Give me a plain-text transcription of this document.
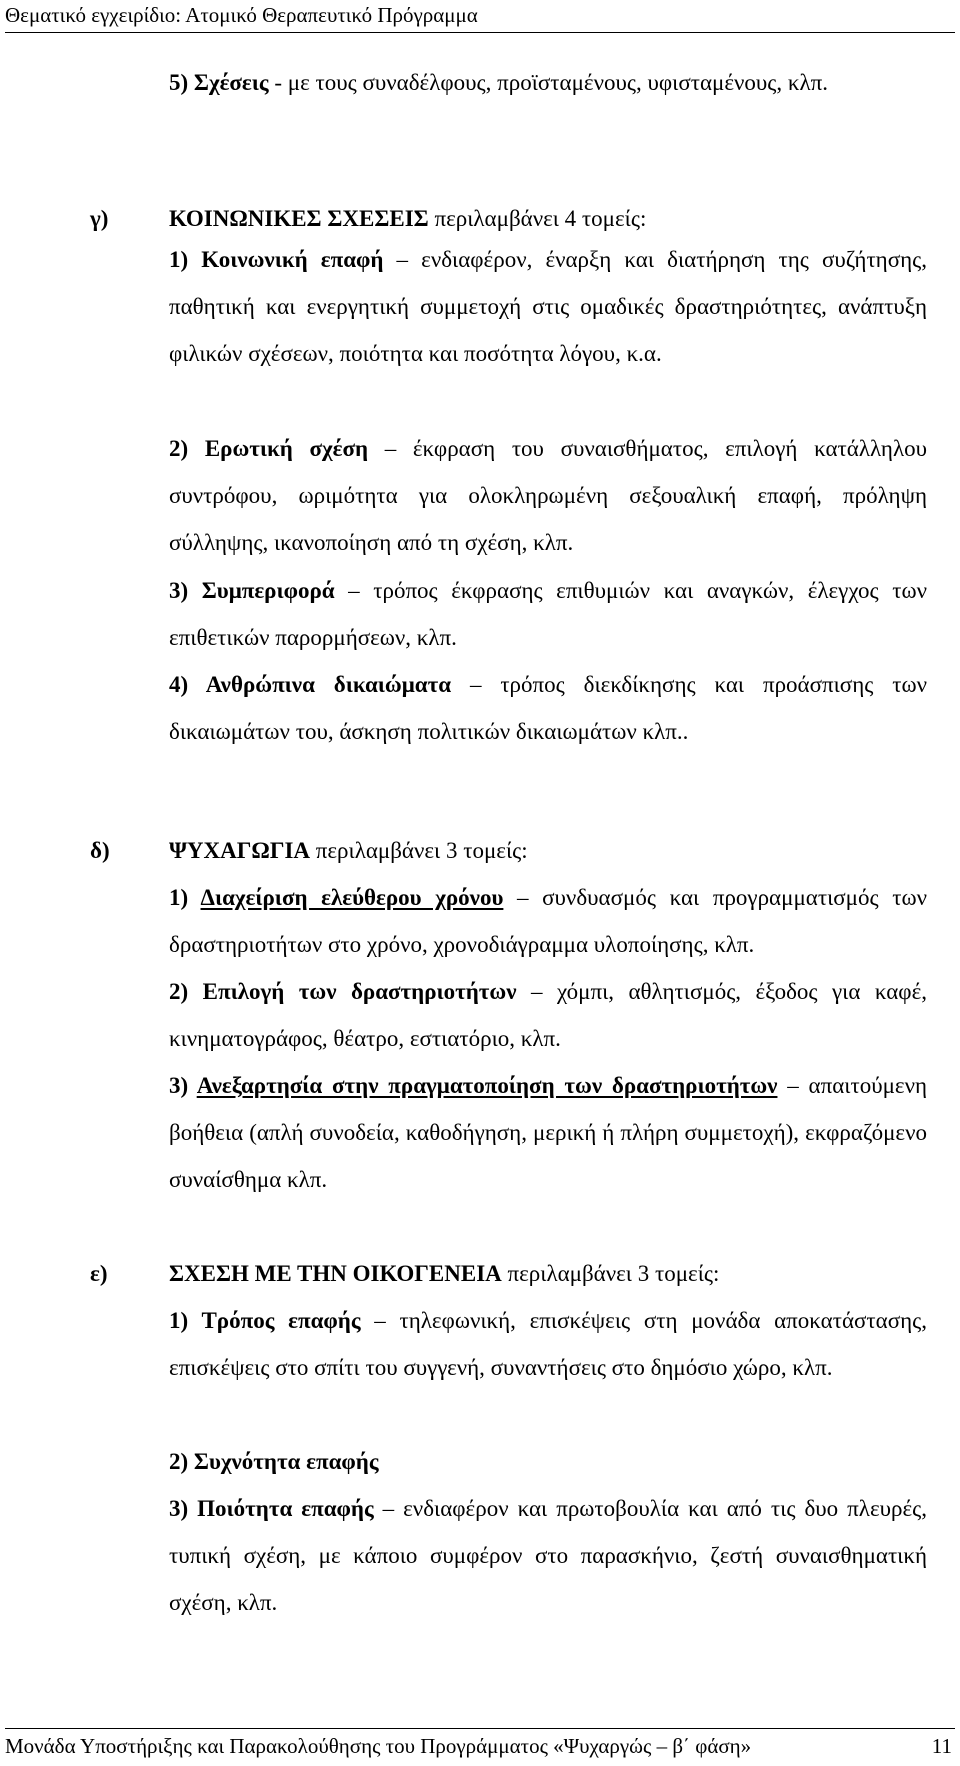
Θεματικό εγχειρίδιο: Ατομικό Θεραπευτικό Πρόγραμμα

5) Σχέσεις - με τους συναδέλφους, προϊσταμένους, υφισταμένους, κλπ.

γ)	ΚΟΙΝΩΝΙΚΕΣ ΣΧΕΣΕΙΣ περιλαμβάνει 4 τομείς:

1) Κοινωνική επαφή – ενδιαφέρον, έναρξη και διατήρηση της συζήτησης, παθητική και ενεργητική συμμετοχή στις ομαδικές δραστηριότητες, ανάπτυξη φιλικών σχέσεων, ποιότητα και ποσότητα λόγου, κ.α.

2) Ερωτική σχέση – έκφραση του συναισθήματος, επιλογή κατάλληλου συντρόφου, ωριμότητα για ολοκληρωμένη σεξουαλική επαφή, πρόληψη σύλληψης, ικανοποίηση από τη σχέση, κλπ.

3) Συμπεριφορά – τρόπος έκφρασης επιθυμιών και αναγκών, έλεγχος των επιθετικών παρορμήσεων, κλπ.

4) Ανθρώπινα δικαιώματα – τρόπος διεκδίκησης και προάσπισης των δικαιωμάτων του, άσκηση πολιτικών δικαιωμάτων κλπ..

δ)	ΨΥΧΑΓΩΓΙΑ περιλαμβάνει 3 τομείς:

1) Διαχείριση ελεύθερου χρόνου – συνδυασμός και προγραμματισμός των δραστηριοτήτων στο χρόνο, χρονοδιάγραμμα υλοποίησης, κλπ.

2) Επιλογή των δραστηριοτήτων – χόμπι, αθλητισμός, έξοδος για καφέ, κινηματογράφος, θέατρο, εστιατόριο, κλπ.

3) Ανεξαρτησία στην πραγματοποίηση των δραστηριοτήτων – απαιτούμενη βοήθεια (απλή συνοδεία, καθοδήγηση, μερική ή πλήρη συμμετοχή), εκφραζόμενο συναίσθημα κλπ.

ε)	ΣΧΕΣΗ ΜΕ ΤΗΝ ΟΙΚΟΓΕΝΕΙΑ περιλαμβάνει 3 τομείς:

1) Τρόπος επαφής – τηλεφωνική, επισκέψεις στη μονάδα αποκατάστασης, επισκέψεις στο σπίτι του συγγενή, συναντήσεις στο δημόσιο χώρο, κλπ.

2) Συχνότητα επαφής

3) Ποιότητα επαφής – ενδιαφέρον και πρωτοβουλία και από τις δυο πλευρές, τυπική σχέση, με κάποιο συμφέρον στο παρασκήνιο, ζεστή συναισθηματική σχέση, κλπ.

Μονάδα Υποστήριξης και Παρακολούθησης του Προγράμματος «Ψυχαργώς – β΄ φάση»	11
